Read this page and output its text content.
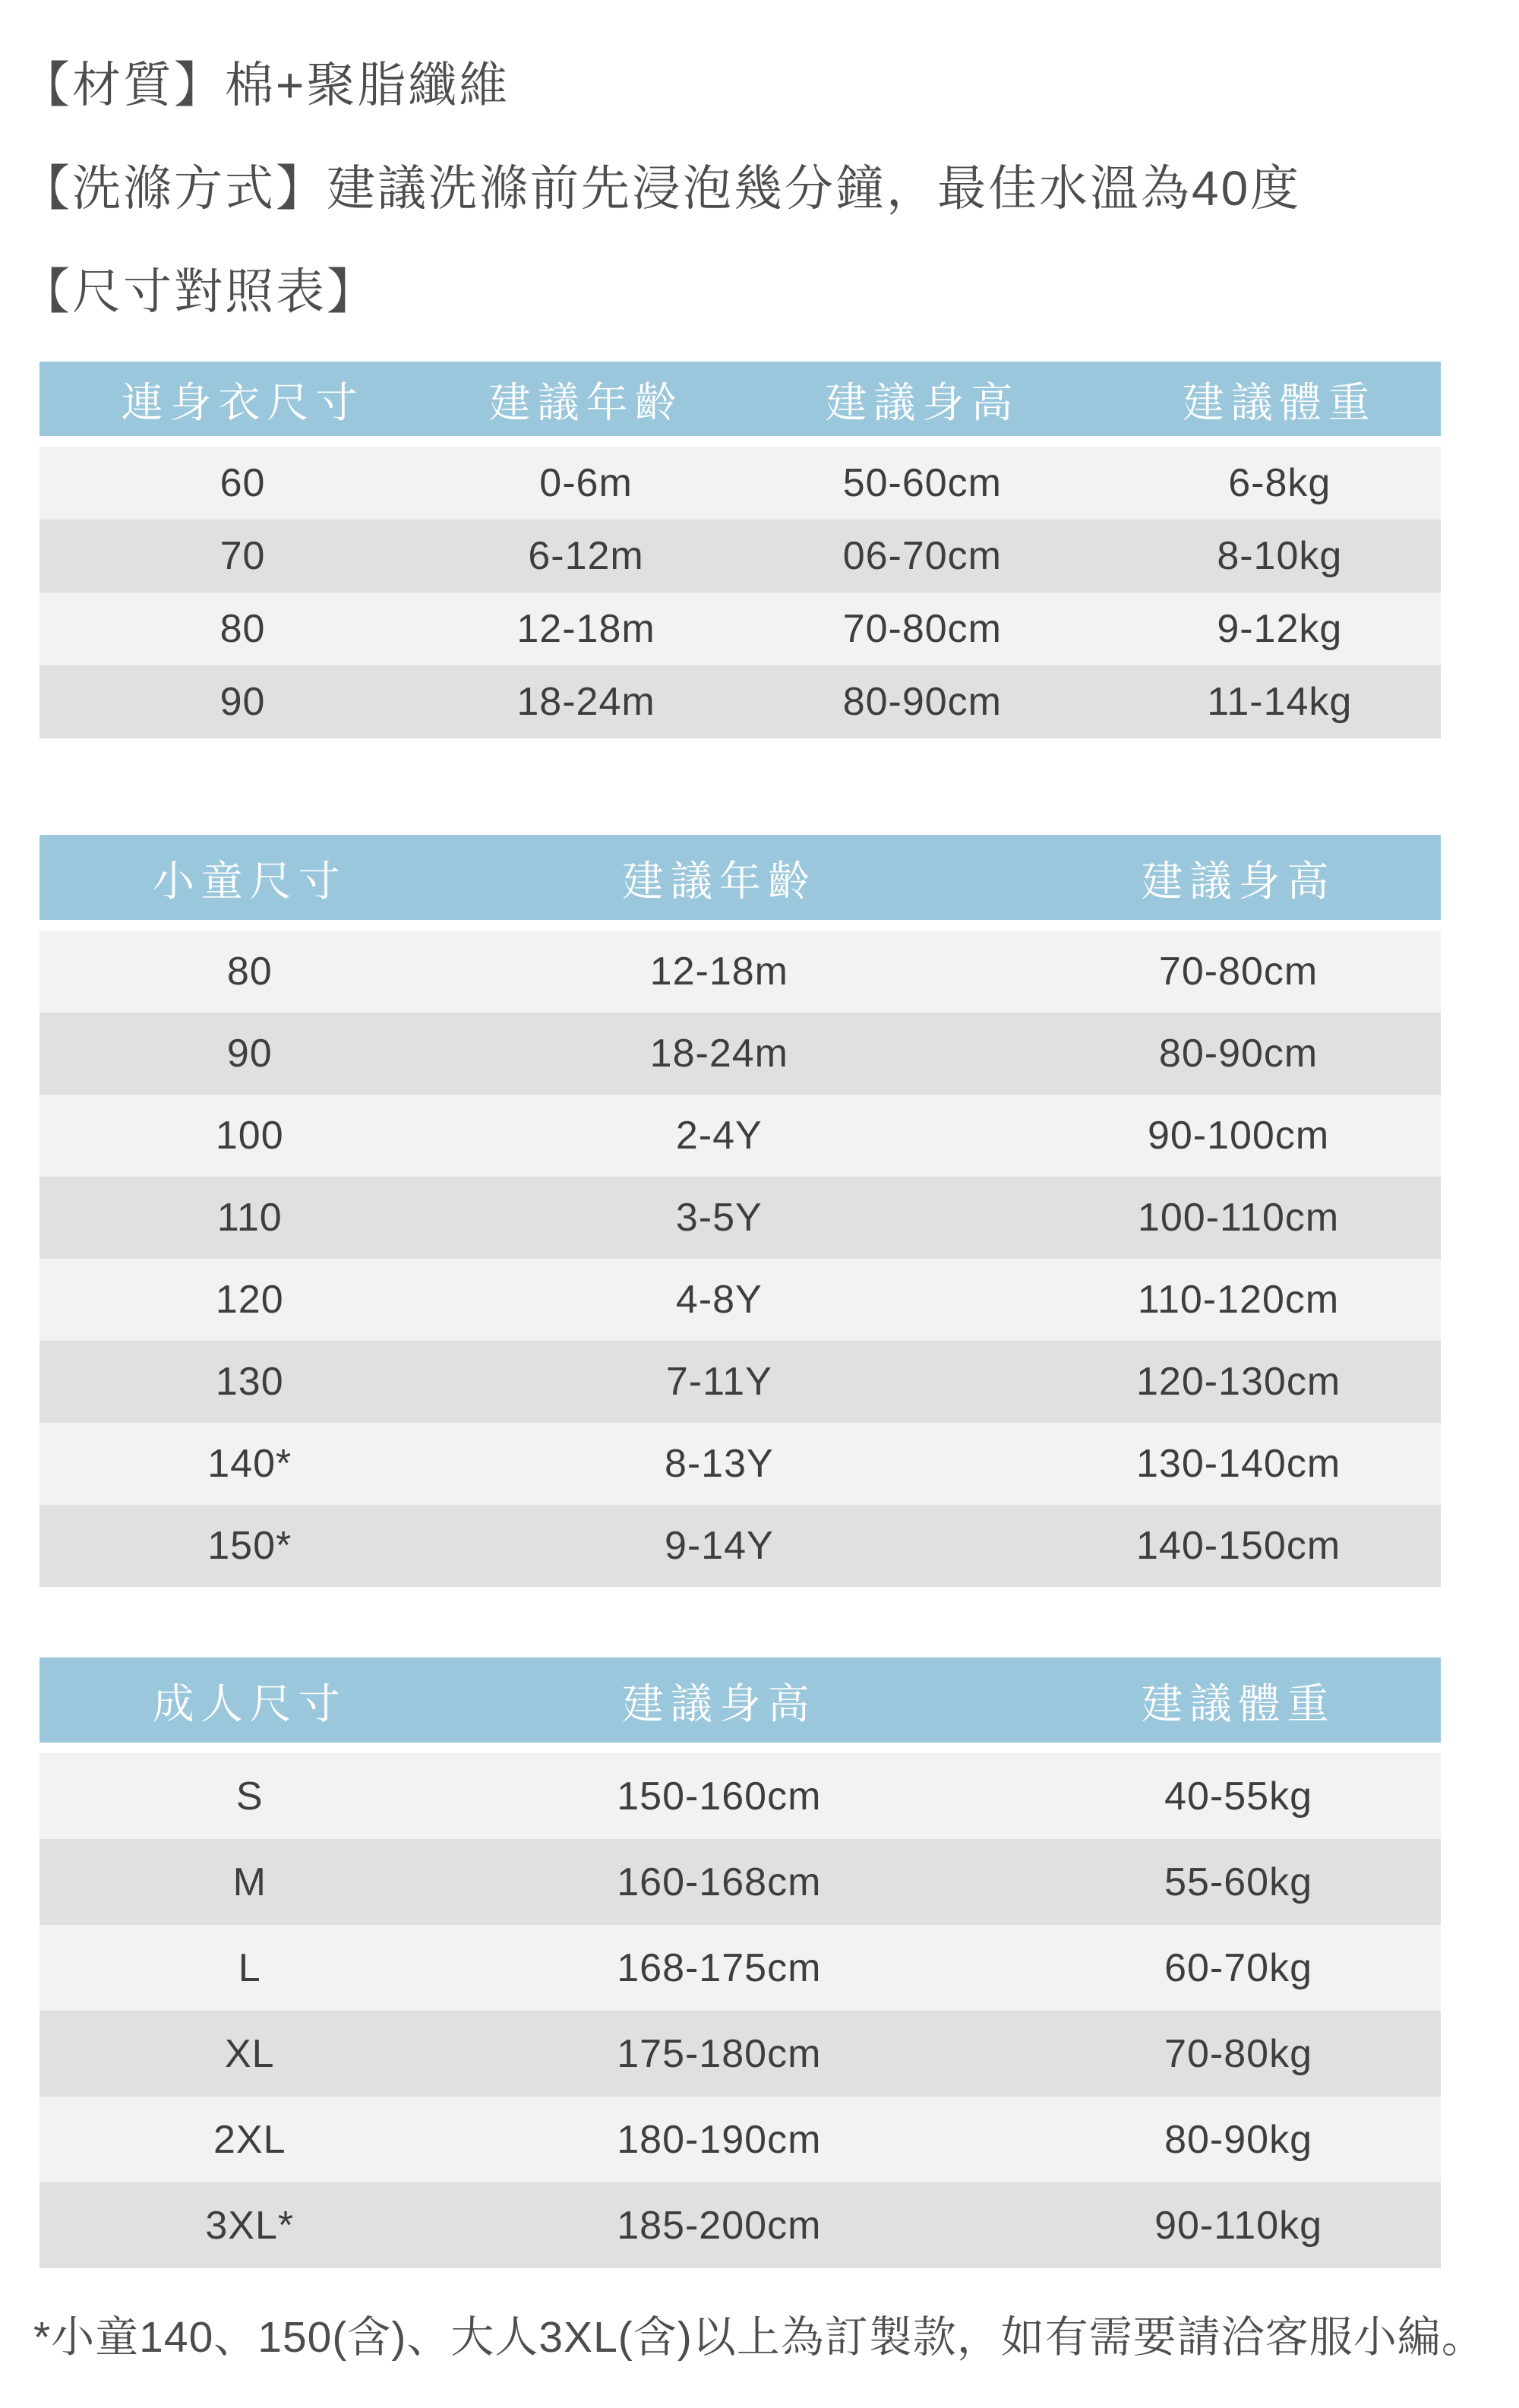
【材質】棉+聚脂纖維

【洗滌方式】建議洗滌前先浸泡幾分鐘，最佳水溫為40度

【尺寸對照表】

連身衣尺寸	建議年齡	建議身高	建議體重
60	0-6m	50-60cm	6-8kg
70	6-12m	06-70cm	8-10kg
80	12-18m	70-80cm	9-12kg
90	18-24m	80-90cm	11-14kg
小童尺寸	建議年齡	建議身高
80	12-18m	70-80cm
90	18-24m	80-90cm
100	2-4Y	90-100cm
110	3-5Y	100-110cm
120	4-8Y	110-120cm
130	7-11Y	120-130cm
140*	8-13Y	130-140cm
150*	9-14Y	140-150cm
成人尺寸	建議身高	建議體重
S	150-160cm	40-55kg
M	160-168cm	55-60kg
L	168-175cm	60-70kg
XL	175-180cm	70-80kg
2XL	180-190cm	80-90kg
3XL*	185-200cm	90-110kg

*小童140、150(含)、大人3XL(含)以上為訂製款，如有需要請洽客服小編。
